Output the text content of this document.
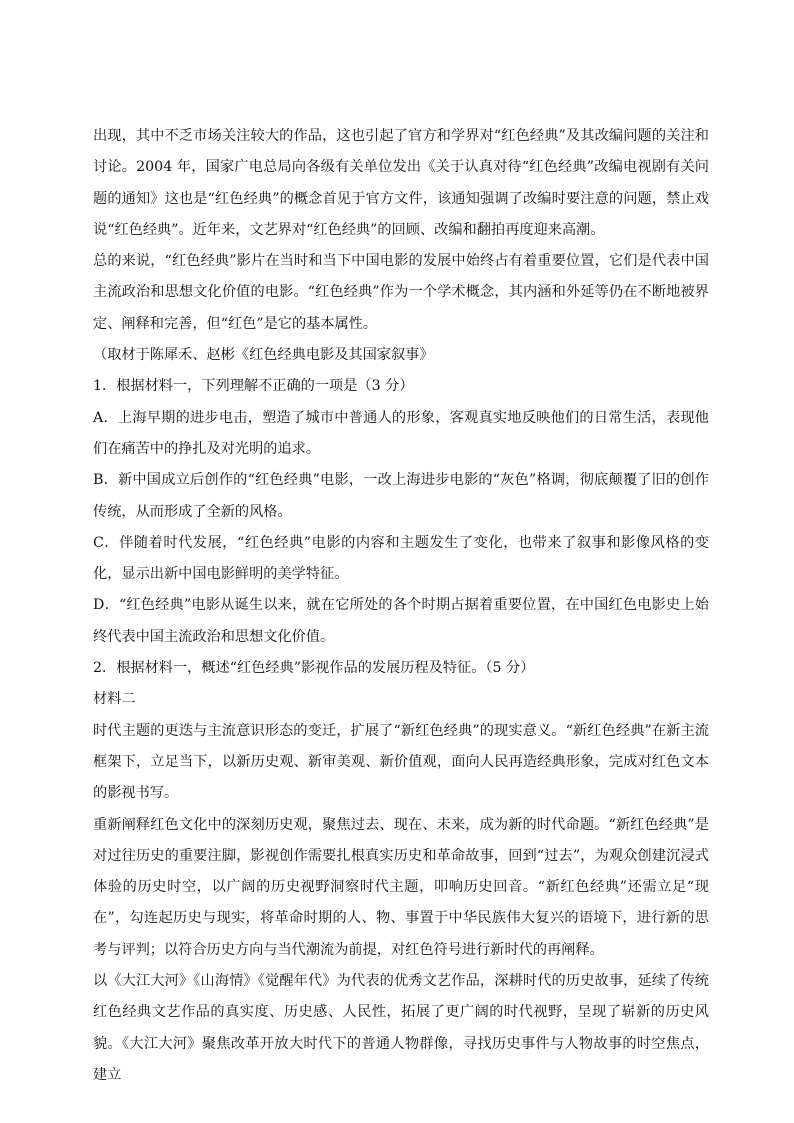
出现，其中不乏市场关注较大的作品，这也引起了官方和学界对“红色经典”及其改编问题的关注和讨论。2004 年，国家广电总局向各级有关单位发出《关于认真对待“红色经典”改编电视剧有关问题的通知》这也是“红色经典”的概念首见于官方文件，该通知强调了改编时要注意的问题，禁止戏说“红色经典”。近年来，文艺界对“红色经典”的回顾、改编和翻拍再度迎来高潮。

总的来说，“红色经典”影片在当时和当下中国电影的发展中始终占有着重要位置，它们是代表中国主流政治和思想文化价值的电影。“红色经典”作为一个学术概念，其内涵和外延等仍在不断地被界定、阐释和完善，但“红色”是它的基本属性。

（取材于陈犀禾、赵彬《红色经典电影及其国家叙事》

1．根据材料一，下列理解不正确的一项是（3 分）

A．上海早期的进步电击，塑造了城市中普通人的形象，客观真实地反映他们的日常生活，表现他们在痛苦中的挣扎及对光明的追求。

B．新中国成立后创作的“红色经典”电影，一改上海进步电影的“灰色”格调，彻底颠覆了旧的创作传统，从而形成了全新的风格。

C．伴随着时代发展，“红色经典”电影的内容和主题发生了变化，也带来了叙事和影像风格的变化，显示出新中国电影鲜明的美学特征。

D．“红色经典”电影从诞生以来，就在它所处的各个时期占据着重要位置，在中国红色电影史上始终代表中国主流政治和思想文化价值。

2．根据材料一，概述“红色经典”影视作品的发展历程及特征。（5 分）

材料二

时代主题的更迭与主流意识形态的变迁，扩展了“新红色经典”的现实意义。“新红色经典”在新主流框架下，立足当下，以新历史观、新审美观、新价值观，面向人民再造经典形象，完成对红色文本的影视书写。

重新阐释红色文化中的深刻历史观，聚焦过去、现在、未来，成为新的时代命题。“新红色经典”是对过往历史的重要注脚，影视创作需要扎根真实历史和革命故事，回到“过去”，为观众创建沉浸式体验的历史时空，以广阔的历史视野洞察时代主题，叩响历史回音。“新红色经典”还需立足“现在”，勾连起历史与现实，将革命时期的人、物、事置于中华民族伟大复兴的语境下，进行新的思考与评判；以符合历史方向与当代潮流为前提，对红色符号进行新时代的再阐释。

以《大江大河》《山海情》《觉醒年代》为代表的优秀文艺作品，深耕时代的历史故事，延续了传统红色经典文艺作品的真实度、历史感、人民性，拓展了更广阔的时代视野，呈现了崭新的历史风貌。《大江大河》聚焦改革开放大时代下的普通人物群像，寻找历史事件与人物故事的时空焦点，建立
